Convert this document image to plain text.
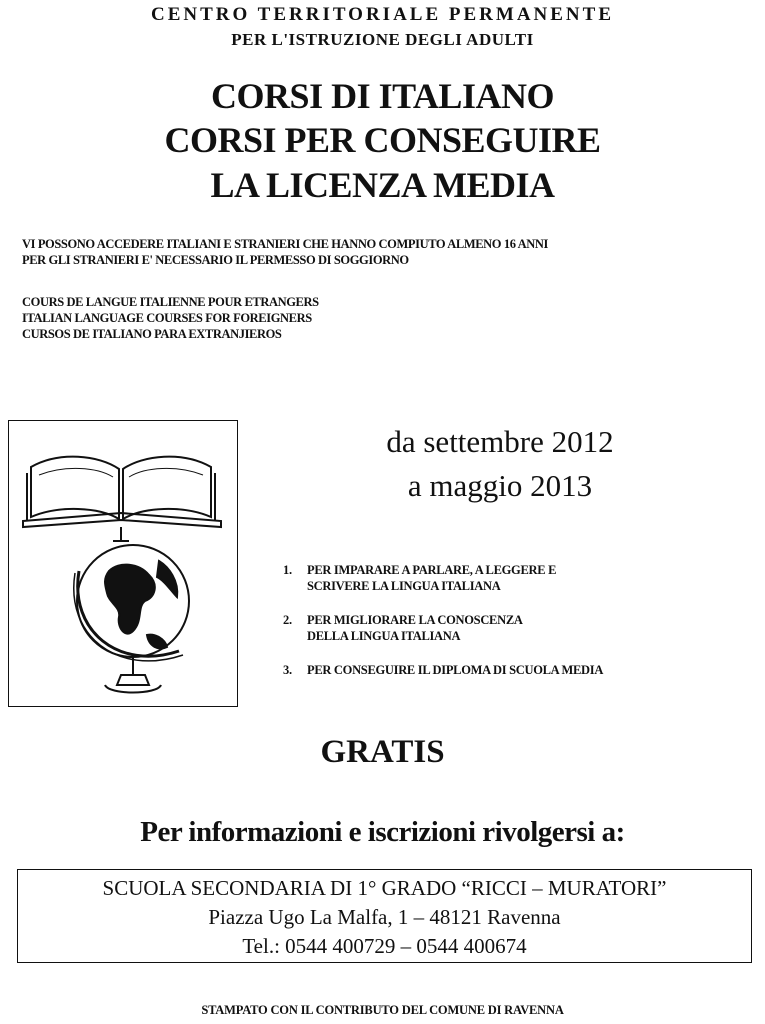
CENTRO TERRITORIALE PERMANENTE

PER L'ISTRUZIONE DEGLI ADULTI

CORSI DI ITALIANO

CORSI PER CONSEGUIRE

LA LICENZA MEDIA

VI POSSONO ACCEDERE ITALIANI E STRANIERI CHE HANNO COMPIUTO ALMENO 16 ANNI
PER GLI STRANIERI E' NECESSARIO IL PERMESSO DI SOGGIORNO
COURS DE LANGUE ITALIENNE POUR ETRANGERS
ITALIAN LANGUAGE COURSES FOR FOREIGNERS
CURSOS DE ITALIANO PARA EXTRANJIEROS

da settembre 2012

a maggio 2013

1.	PER IMPARARE A PARLARE, A LEGGERE E
SCRIVERE LA LINGUA ITALIANA
2.	PER MIGLIORARE LA CONOSCENZA
DELLA LINGUA ITALIANA
3.	PER CONSEGUIRE IL DIPLOMA DI SCUOLA MEDIA

GRATIS

Per informazioni e iscrizioni rivolgersi a:

SCUOLA SECONDARIA DI 1° GRADO “RICCI – MURATORI”
Piazza Ugo La Malfa, 1 – 48121 Ravenna
Tel.: 0544 400729 – 0544 400674

STAMPATO CON IL CONTRIBUTO DEL COMUNE DI RAVENNA
